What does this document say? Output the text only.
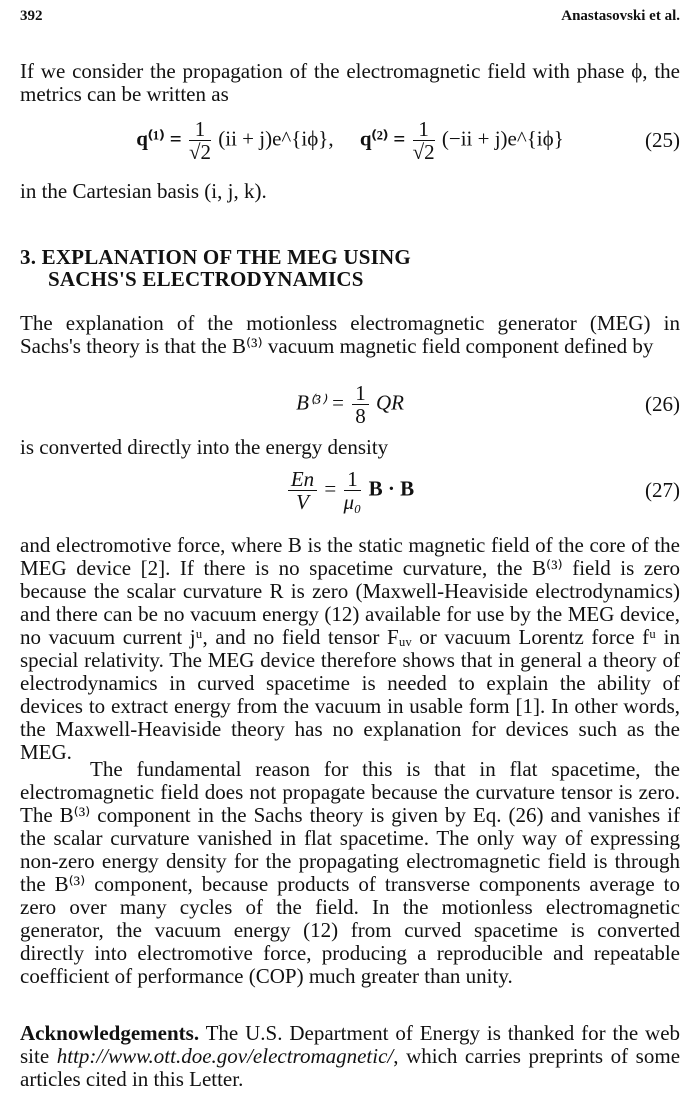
392	Anastasovski et al.

If we consider the propagation of the electromagnetic field with phase ϕ, the metrics can be written as

$q^{(1)} = \frac{1}{√2} (ii$ + j)e^{iϕ}, $q^{(2)} = \frac{1}{√2} (-ii$ + j)e^{iϕ}	(25)

in the Cartesian basis (i, j, k).

3. EXPLANATION OF THE MEG USING
SACHS'S ELECTRODYNAMICS

The explanation of the motionless electromagnetic generator (MEG) in Sachs's theory is that the B⁽³⁾ vacuum magnetic field component defined by

$B^{(3)} = \frac{1}{8}$ QR	(26)

is converted directly into the energy density

$\frac{En}{V} = \frac{1}{\text{μ₀}}$ B · B	(27)

and electromotive force, where B is the static magnetic field of the core of the MEG device [2]. If there is no spacetime curvature, the B⁽³⁾ field is zero because the scalar curvature R is zero (Maxwell-Heaviside electrodynamics) and there can be no vacuum energy (12) available for use by the MEG device, no vacuum current jᵘ, and no field tensor Fᵤᵥ or vacuum Lorentz force fᵘ in special relativity. The MEG device therefore shows that in general a theory of electrodynamics in curved spacetime is needed to explain the ability of devices to extract energy from the vacuum in usable form [1]. In other words, the Maxwell-Heaviside theory has no explanation for devices such as the MEG.

The fundamental reason for this is that in flat spacetime, the electromagnetic field does not propagate because the curvature tensor is zero. The B⁽³⁾ component in the Sachs theory is given by Eq. (26) and vanishes if the scalar curvature vanished in flat spacetime. The only way of expressing non-zero energy density for the propagating electromagnetic field is through the B⁽³⁾ component, because products of transverse components average to zero over many cycles of the field. In the motionless electromagnetic generator, the vacuum energy (12) from curved spacetime is converted directly into electromotive force, producing a reproducible and repeatable coefficient of performance (COP) much greater than unity.

Acknowledgements. The U.S. Department of Energy is thanked for the web site http://www.ott.doe.gov/electromagnetic/, which carries preprints of some articles cited in this Letter.
